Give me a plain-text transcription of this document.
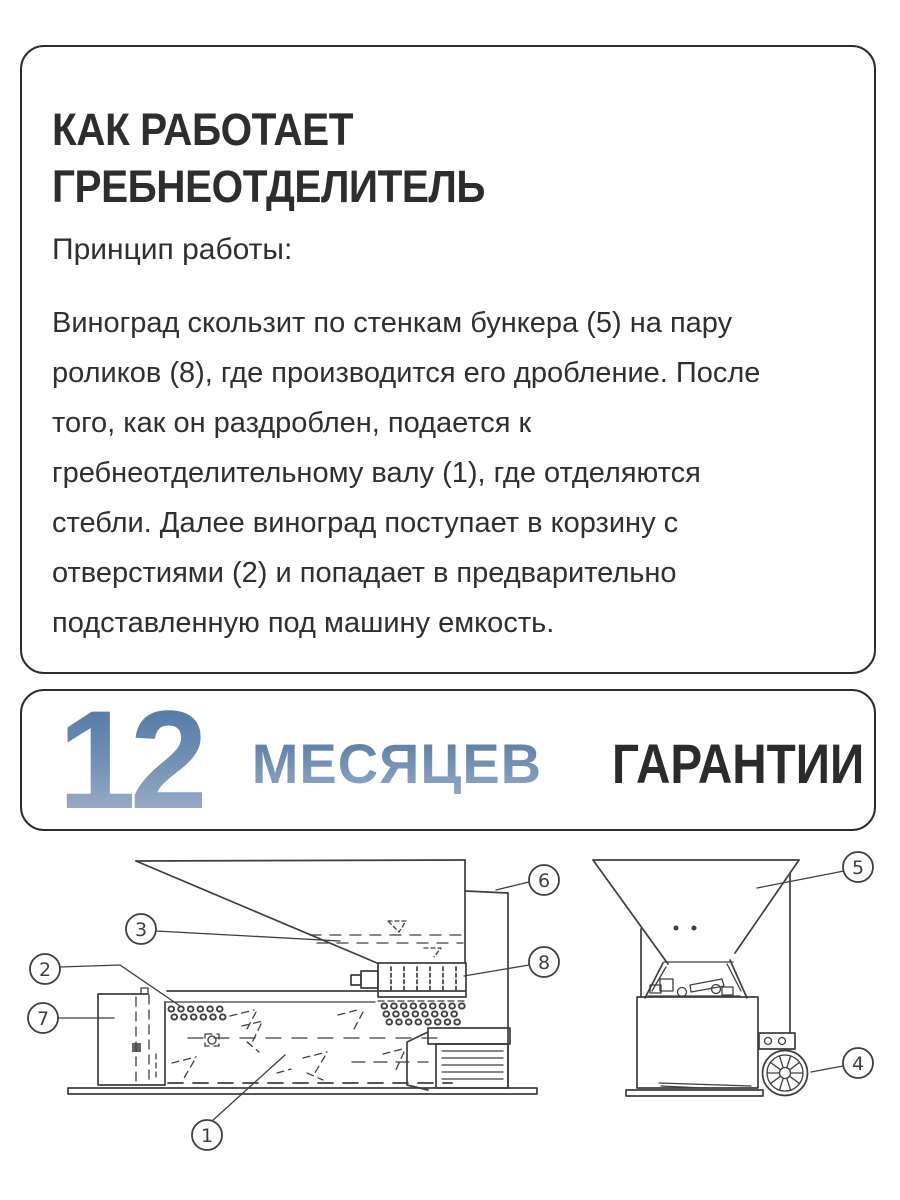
КАК РАБОТАЕТ
ГРЕБНЕОТДЕЛИТЕЛЬ
Принцип работы:
Виноград скользит по стенкам бункера (5) на пару роликов (8), где производится его дробление. После того, как он раздроблен, подается к гребнеотделительному валу (1), где отделяются стебли. Далее виноград поступает в корзину с отверстиями (2) и попадает в предварительно подставленную под машину емкость.
12 МЕСЯЦЕВ ГАРАНТИИ
6
3
8
2
7
1
5
4
